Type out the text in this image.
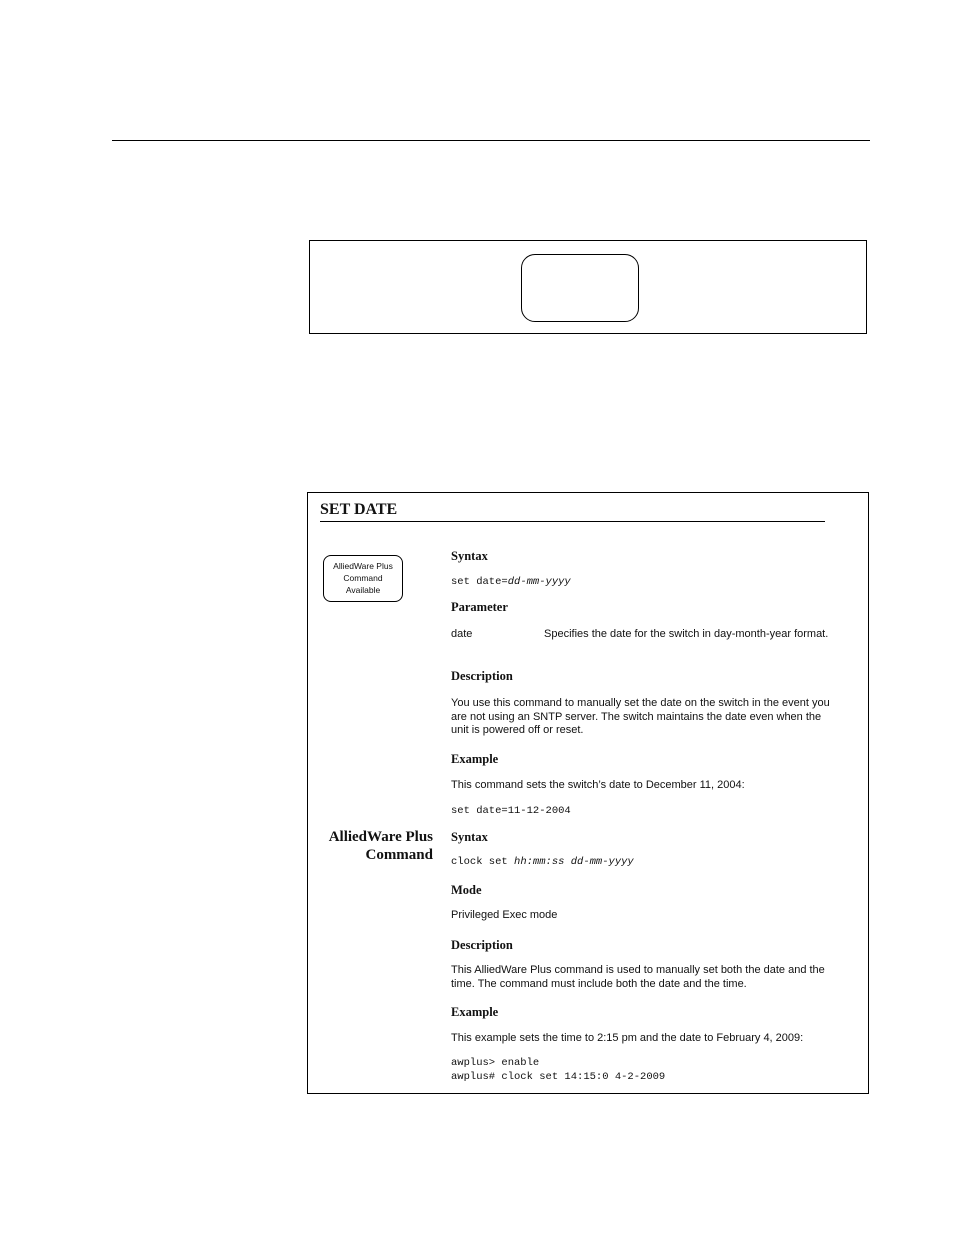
SET DATE
AlliedWare Plus
Command
Available
Syntax
set date=dd-mm-yyyy
Parameter
date	Specifies the date for the switch in day-month-year format.
Description
You use this command to manually set the date on the switch in the event you are not using an SNTP server. The switch maintains the date even when the unit is powered off or reset.
Example
This command sets the switch’s date to December 11, 2004:
set date=11-12-2004
AlliedWare Plus
Command
Syntax
clock set hh:mm:ss dd-mm-yyyy
Mode
Privileged Exec mode
Description
This AlliedWare Plus command is used to manually set both the date and the time. The command must include both the date and the time.
Example
This example sets the time to 2:15 pm and the date to February 4, 2009:
awplus> enable
awplus# clock set 14:15:0 4-2-2009
